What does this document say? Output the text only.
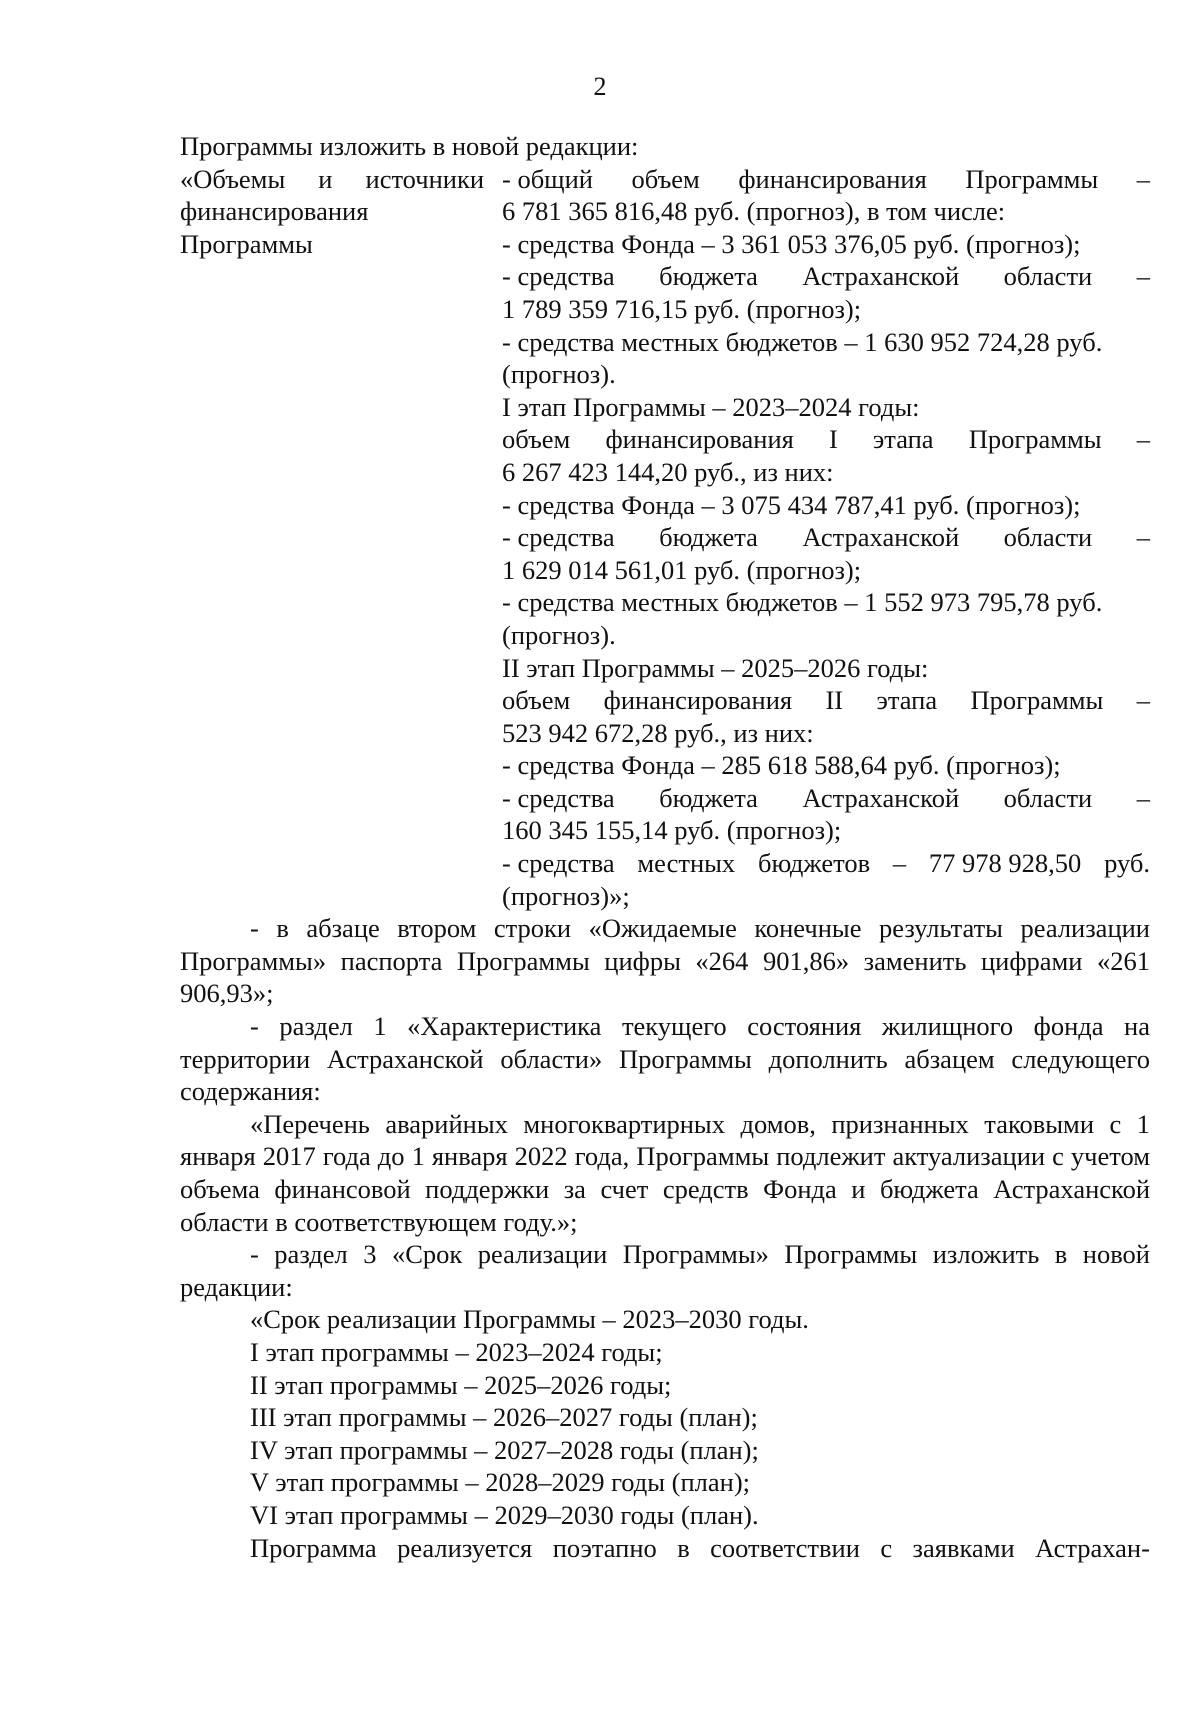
2

Программы изложить в новой редакции:

«Объемы и источники финансирования Программы
- общий объем финансирования Программы –

6 781 365 816,48 руб. (прогноз), в том числе:

- средства Фонда – 3 361 053 376,05 руб. (прогноз);

- средства бюджета Астраханской области –

1 789 359 716,15 руб. (прогноз);

- средства местных бюджетов – 1 630 952 724,28 руб.

(прогноз).

I этап Программы – 2023–2024 годы:

объем финансирования I этапа Программы –

6 267 423 144,20 руб., из них:

- средства Фонда – 3 075 434 787,41 руб. (прогноз);

- средства бюджета Астраханской области –

1 629 014 561,01 руб. (прогноз);

- средства местных бюджетов – 1 552 973 795,78 руб.

(прогноз).

II этап Программы – 2025–2026 годы:

объем финансирования II этапа Программы –

523 942 672,28 руб., из них:

- средства Фонда – 285 618 588,64 руб. (прогноз);

- средства бюджета Астраханской области –

160 345 155,14 руб. (прогноз);

- средства местных бюджетов – 77 978 928,50 руб.

(прогноз)»;

- в абзаце втором строки «Ожидаемые конечные результаты реализации Программы» паспорта Программы цифры «264 901,86» заменить цифрами «261 906,93»;

- раздел 1 «Характеристика текущего состояния жилищного фонда на территории Астраханской области» Программы дополнить абзацем следующего содержания:

«Перечень аварийных многоквартирных домов, признанных таковыми с 1 января 2017 года до 1 января 2022 года, Программы подлежит актуализации с учетом объема финансовой поддержки за счет средств Фонда и бюджета Астраханской области в соответствующем году.»;

- раздел 3 «Срок реализации Программы» Программы изложить в новой редакции:

«Срок реализации Программы – 2023–2030 годы.

I этап программы – 2023–2024 годы;

II этап программы – 2025–2026 годы;

III этап программы – 2026–2027 годы (план);

IV этап программы – 2027–2028 годы (план);

V этап программы – 2028–2029 годы (план);

VI этап программы – 2029–2030 годы (план).

Программа реализуется поэтапно в соответствии с заявками Астрахан-
